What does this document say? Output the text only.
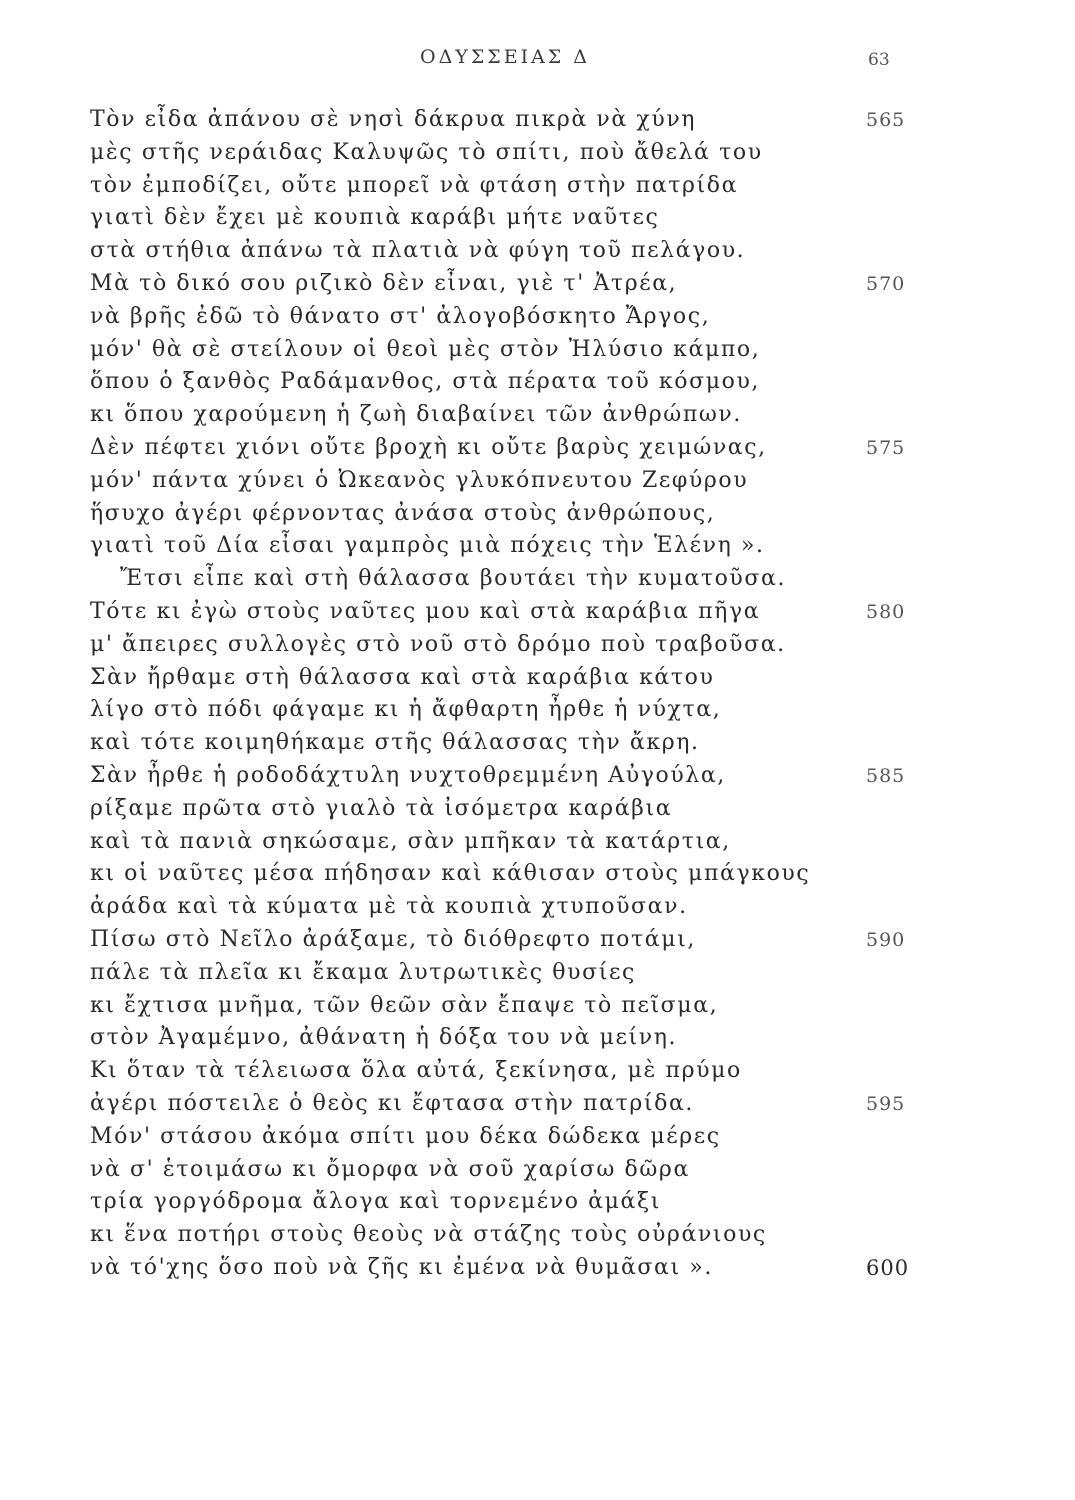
ΟΔΥΣΣΕΙΑΣ Δ	63
Τὸν εἶδα ἀπάνου σὲ νησὶ δάκρυα πικρὰ νὰ χύνη	565
μὲς στῆς νεράιδας Καλυψῶς τὸ σπίτι, ποὺ ἄθελά του
τὸν ἐμποδίζει, οὔτε μπορεῖ νὰ φτάση στὴν πατρίδα
γιατὶ δὲν ἔχει μὲ κουπιὰ καράβι μήτε ναῦτες
στὰ στήθια ἀπάνω τὰ πλατιὰ νὰ φύγη τοῦ πελάγου.
Μὰ τὸ δικό σου ριζικὸ δὲν εἶναι, γιὲ τ' Ἀτρέα,	570
νὰ βρῆς ἐδῶ τὸ θάνατο στ' ἀλογοβόσκητο Ἄργος,
μόν' θὰ σὲ στείλουν οἱ θεοὶ μὲς στὸν Ἠλύσιο κάμπο,
ὅπου ὁ ξανθὸς Ραδάμανθος, στὰ πέρατα τοῦ κόσμου,
κι ὅπου χαρούμενη ἡ ζωὴ διαβαίνει τῶν ἀνθρώπων.
Δὲν πέφτει χιόνι οὔτε βροχὴ κι οὔτε βαρὺς χειμώνας,	575
μόν' πάντα χύνει ὁ Ὠκεανὸς γλυκόπνευτου Ζεφύρου
ἥσυχο ἀγέρι φέρνοντας ἀνάσα στοὺς ἀνθρώπους,
γιατὶ τοῦ Δία εἶσαι γαμπρὸς μιὰ πόχεις τὴν Ἑλένη ».
Ἔτσι εἶπε καὶ στὴ θάλασσα βουτάει τὴν κυματοῦσα.
Τότε κι ἐγὼ στοὺς ναῦτες μου καὶ στὰ καράβια πῆγα	580
μ' ἄπειρες συλλογὲς στὸ νοῦ στὸ δρόμο ποὺ τραβοῦσα.
Σὰν ἤρθαμε στὴ θάλασσα καὶ στὰ καράβια κάτου
λίγο στὸ πόδι φάγαμε κι ἡ ἄφθαρτη ἦρθε ἡ νύχτα,
καὶ τότε κοιμηθήκαμε στῆς θάλασσας τὴν ἄκρη.
Σὰν ἦρθε ἡ ροδοδάχτυλη νυχτοθρεμμένη Αὐγούλα,	585
ρίξαμε πρῶτα στὸ γιαλὸ τὰ ἰσόμετρα καράβια
καὶ τὰ πανιὰ σηκώσαμε, σὰν μπῆκαν τὰ κατάρτια,
κι οἱ ναῦτες μέσα πήδησαν καὶ κάθισαν στοὺς μπάγκους
ἀράδα καὶ τὰ κύματα μὲ τὰ κουπιὰ χτυποῦσαν.
Πίσω στὸ Νεῖλο ἀράξαμε, τὸ διόθρεφτο ποτάμι,	590
πάλε τὰ πλεῖα κι ἔκαμα λυτρωτικὲς θυσίες
κι ἔχτισα μνῆμα, τῶν θεῶν σὰν ἔπαψε τὸ πεῖσμα,
στὸν Ἀγαμέμνο, ἀθάνατη ἡ δόξα του νὰ μείνη.
Κι ὅταν τὰ τέλειωσα ὅλα αὐτά, ξεκίνησα, μὲ πρύμο
ἀγέρι πόστειλε ὁ θεὸς κι ἔφτασα στὴν πατρίδα.	595
Μόν' στάσου ἀκόμα σπίτι μου δέκα δώδεκα μέρες
νὰ σ' ἑτοιμάσω κι ὄμορφα νὰ σοῦ χαρίσω δῶρα
τρία γοργόδρομα ἄλογα καὶ τορνεμένο ἀμάξι
κι ἕνα ποτήρι στοὺς θεοὺς νὰ στάζης τοὺς οὐράνιους
νὰ τό'χης ὅσο ποὺ νὰ ζῆς κι ἐμένα νὰ θυμᾶσαι ».	600
